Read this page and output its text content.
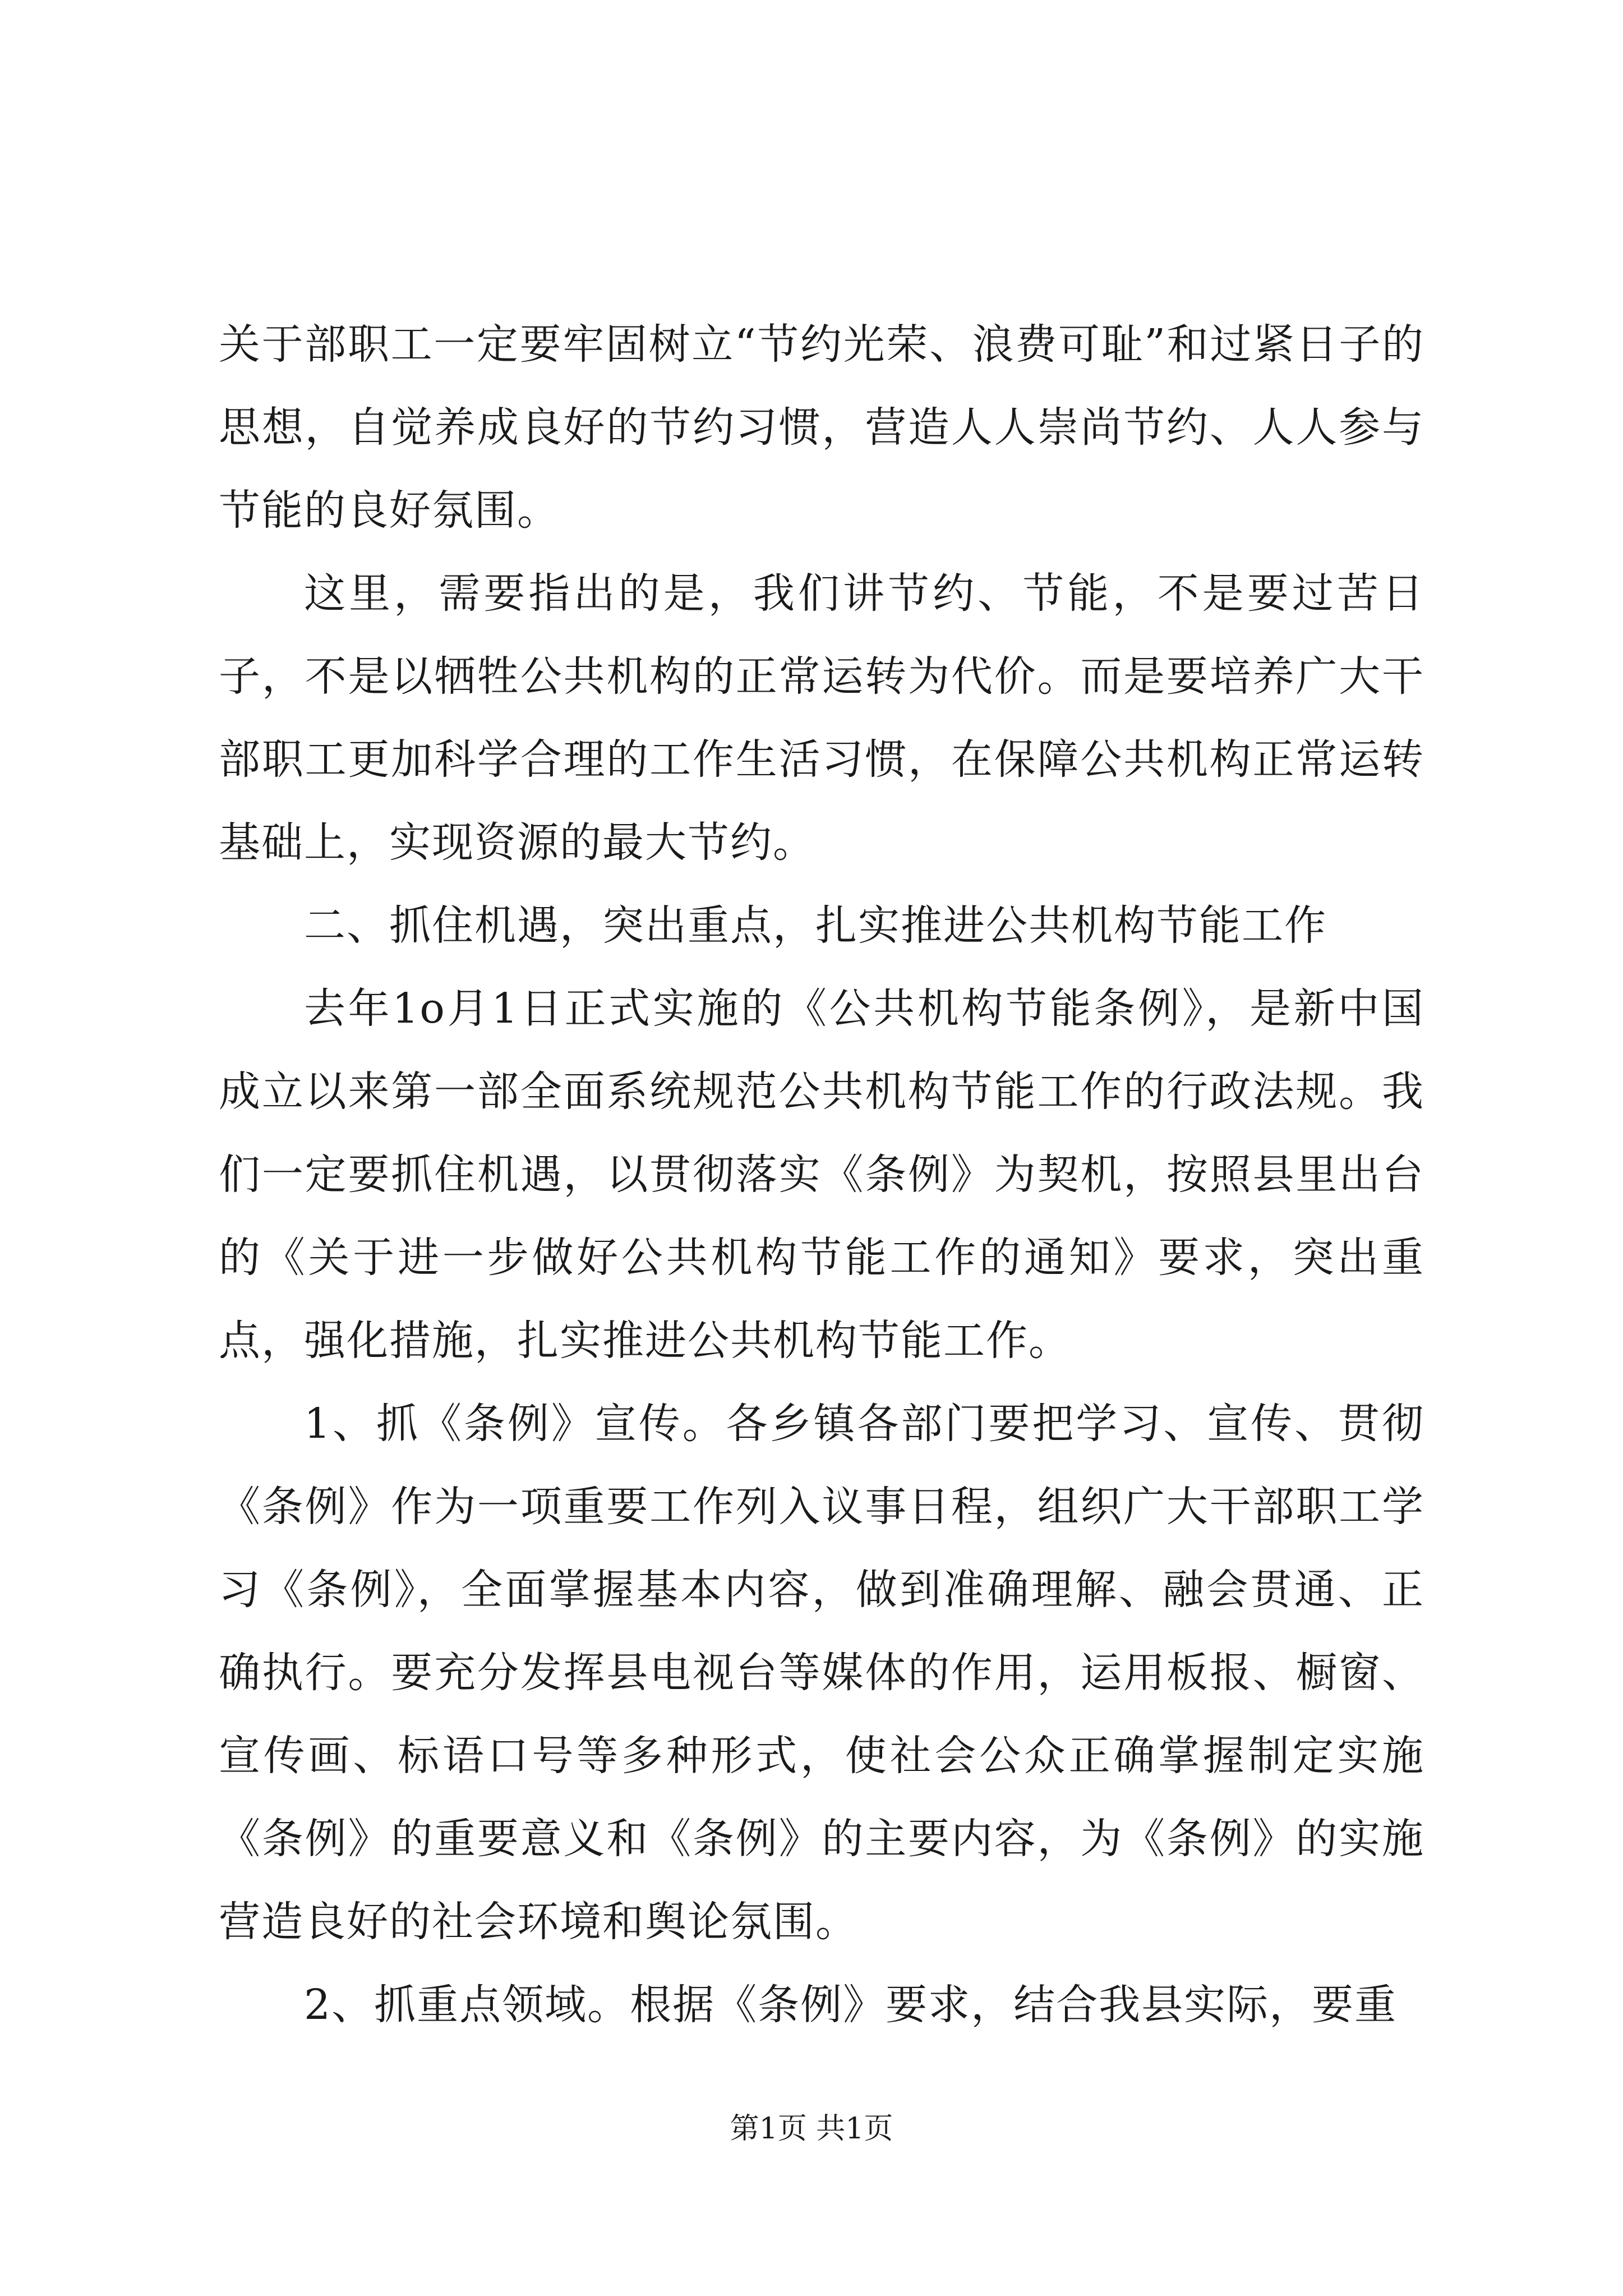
关于部职工一定要牢固树立“节约光荣、浪费可耻”和过紧日子的思想，自觉养成良好的节约习惯，营造人人崇尚节约、人人参与节能的良好氛围。

这里，需要指出的是，我们讲节约、节能，不是要过苦日子，不是以牺牲公共机构的正常运转为代价。而是要培养广大干部职工更加科学合理的工作生活习惯，在保障公共机构正常运转基础上，实现资源的最大节约。

二、抓住机遇，突出重点，扎实推进公共机构节能工作

去年1o月1日正式实施的《公共机构节能条例》，是新中国成立以来第一部全面系统规范公共机构节能工作的行政法规。我们一定要抓住机遇，以贯彻落实《条例》为契机，按照县里出台的《关于进一步做好公共机构节能工作的通知》要求，突出重点，强化措施，扎实推进公共机构节能工作。

1、抓《条例》宣传。各乡镇各部门要把学习、宣传、贯彻《条例》作为一项重要工作列入议事日程，组织广大干部职工学习《条例》，全面掌握基本内容，做到准确理解、融会贯通、正确执行。要充分发挥县电视台等媒体的作用，运用板报、橱窗、宣传画、标语口号等多种形式，使社会公众正确掌握制定实施《条例》的重要意义和《条例》的主要内容，为《条例》的实施营造良好的社会环境和舆论氛围。

2、抓重点领域。根据《条例》要求，结合我县实际，要重

第1页 共1页
